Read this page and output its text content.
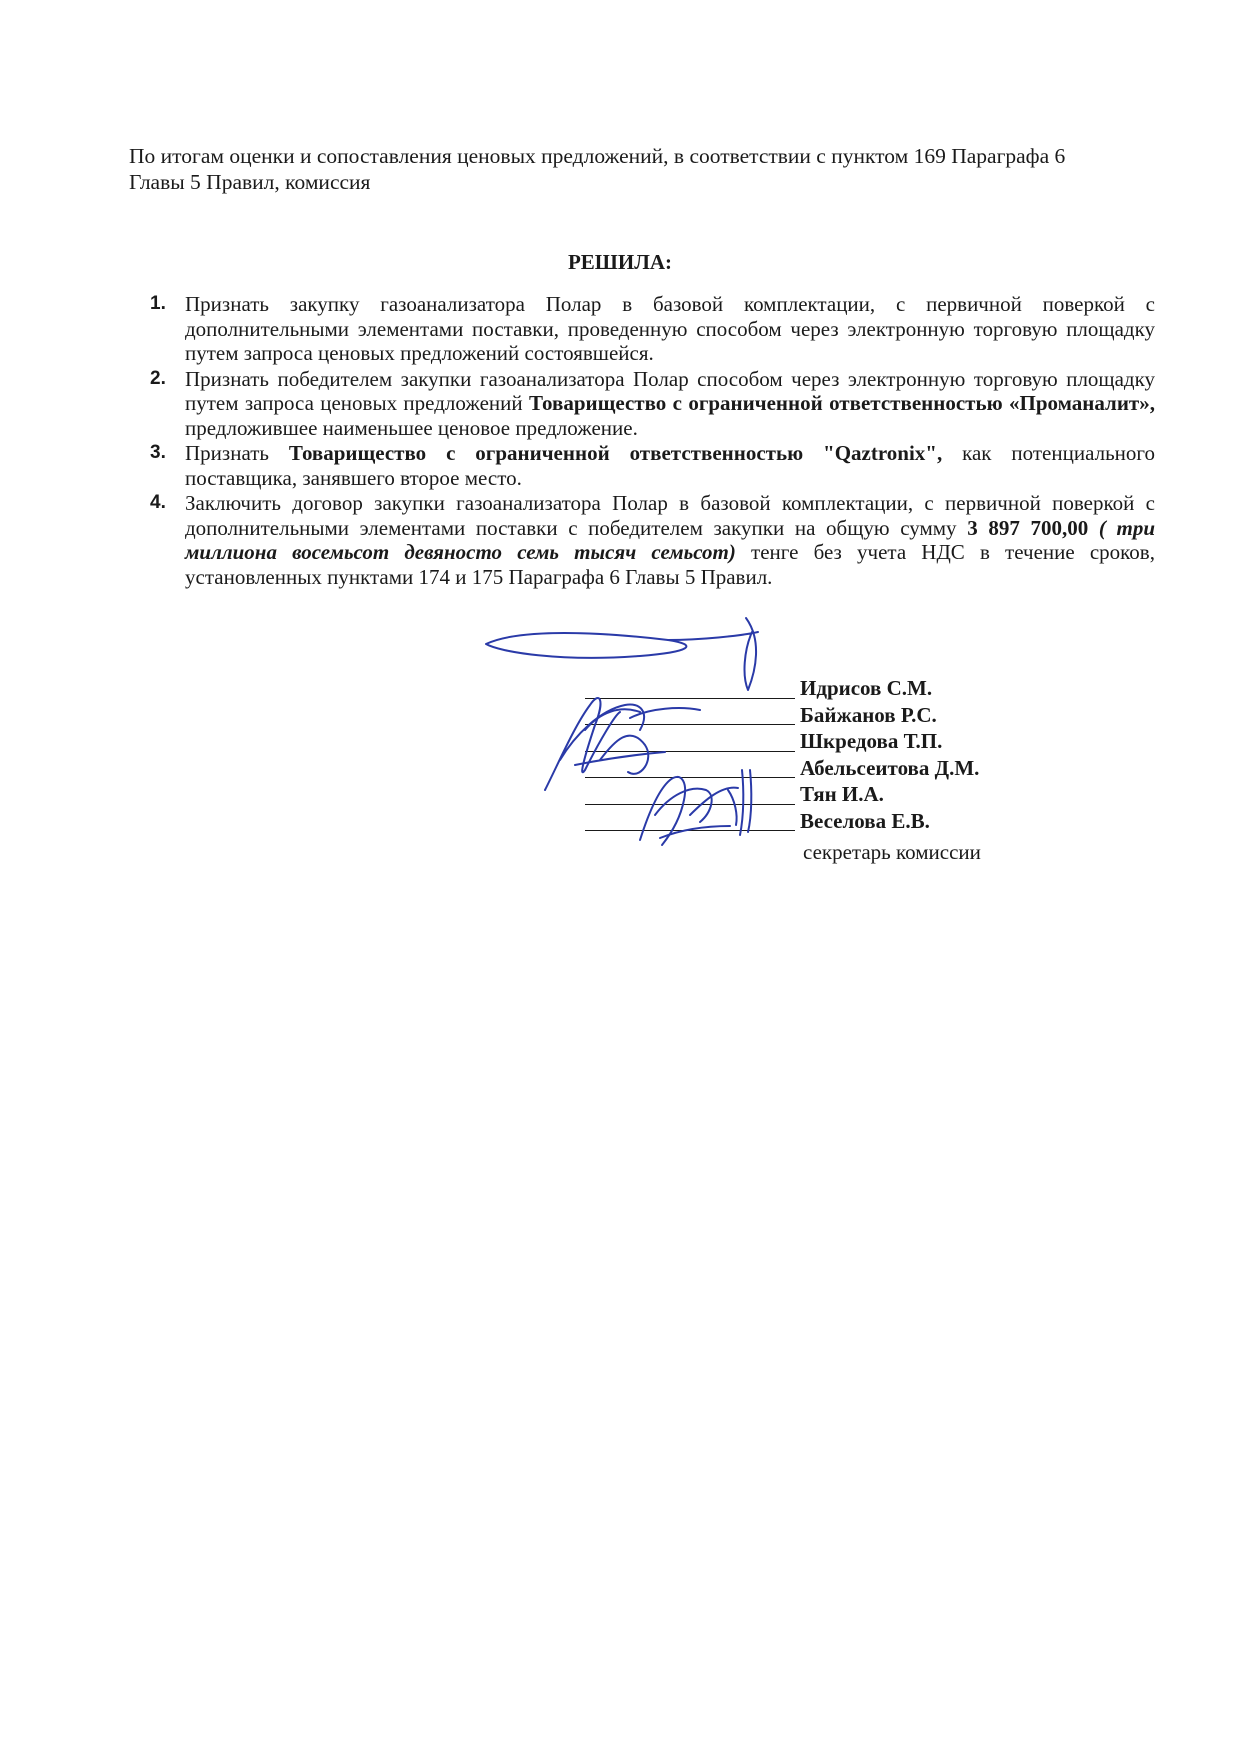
По итогам оценки и сопоставления ценовых предложений, в соответствии с пунктом 169 Параграфа 6
Главы 5 Правил, комиссия

РЕШИЛА:
1. Признать закупку газоанализатора Полар в базовой комплектации, с первичной поверкой с дополнительными элементами поставки, проведенную способом через электронную торговую площадку путем запроса ценовых предложений состоявшейся.
2. Признать победителем закупки газоанализатора Полар способом через электронную торговую площадку путем запроса ценовых предложений Товарищество с ограниченной ответственностью «Проманалит», предложившее наименьшее ценовое предложение.
3. Признать Товарищество с ограниченной ответственностью "Qaztronix", как потенциального поставщика, занявшего второе место.
4. Заключить договор закупки газоанализатора Полар в базовой комплектации, с первичной поверкой с дополнительными элементами поставки с победителем закупки на общую сумму 3 897 700,00 ( три миллиона восемьсот девяносто семь тысяч семьсот) тенге без учета НДС в течение сроков, установленных пунктами 174 и 175 Параграфа 6 Главы 5 Правил.
Идрисов С.М.
Байжанов Р.С.
Шкредова Т.П.
Абельсеитова Д.М.
Тян И.А.
Веселова Е.В.
секретарь комиссии
